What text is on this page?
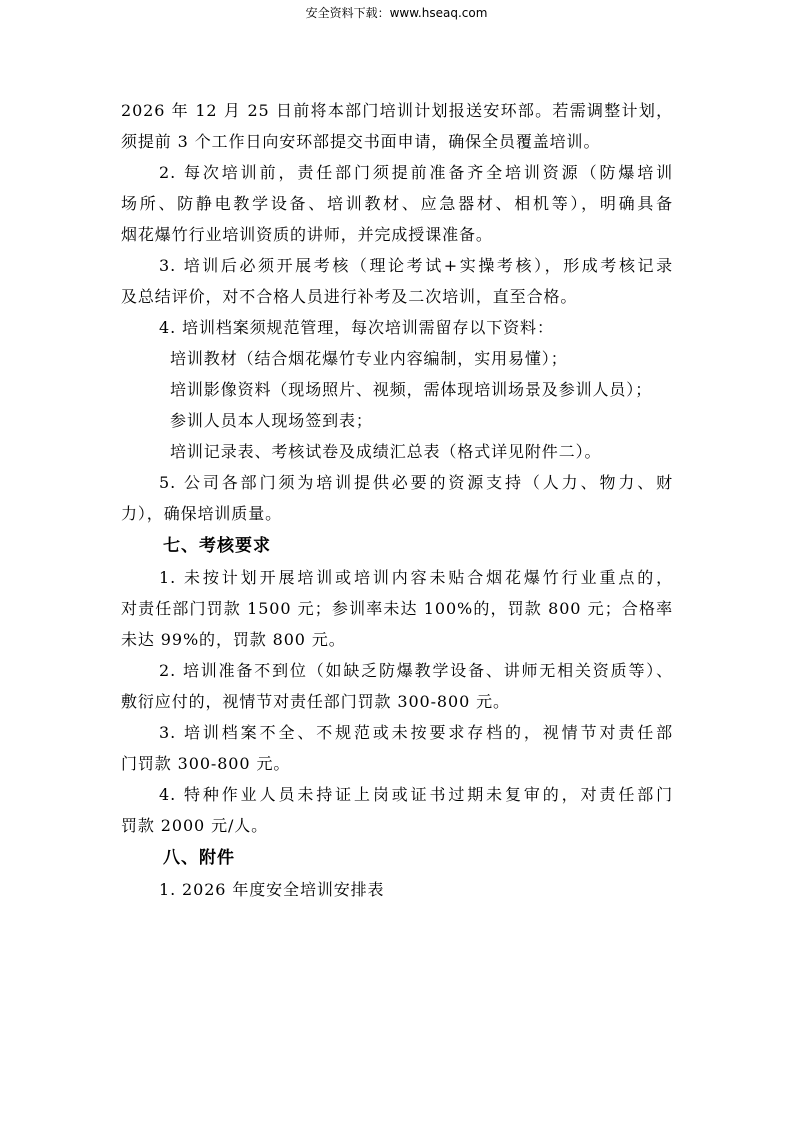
安全资料下载：www.hseaq.com
2026 年 12 月 25 日前将本部门培训计划报送安环部。若需调整计划，
须提前 3 个工作日向安环部提交书面申请，确保全员覆盖培训。
2. 每次培训前，责任部门须提前准备齐全培训资源（防爆培训
场所、防静电教学设备、培训教材、应急器材、相机等），明确具备
烟花爆竹行业培训资质的讲师，并完成授课准备。
3. 培训后必须开展考核（理论考试+实操考核），形成考核记录
及总结评价，对不合格人员进行补考及二次培训，直至合格。
4. 培训档案须规范管理，每次培训需留存以下资料：
培训教材（结合烟花爆竹专业内容编制，实用易懂）；
培训影像资料（现场照片、视频，需体现培训场景及参训人员）；
参训人员本人现场签到表；
培训记录表、考核试卷及成绩汇总表（格式详见附件二）。
5. 公司各部门须为培训提供必要的资源支持（人力、物力、财
力），确保培训质量。
七、考核要求
1. 未按计划开展培训或培训内容未贴合烟花爆竹行业重点的，
对责任部门罚款 1500 元；参训率未达 100%的，罚款 800 元；合格率
未达 99%的，罚款 800 元。
2. 培训准备不到位（如缺乏防爆教学设备、讲师无相关资质等）、
敷衍应付的，视情节对责任部门罚款 300-800 元。
3. 培训档案不全、不规范或未按要求存档的，视情节对责任部
门罚款 300-800 元。
4. 特种作业人员未持证上岗或证书过期未复审的，对责任部门
罚款 2000 元/人。
八、附件
1. 2026 年度安全培训安排表
